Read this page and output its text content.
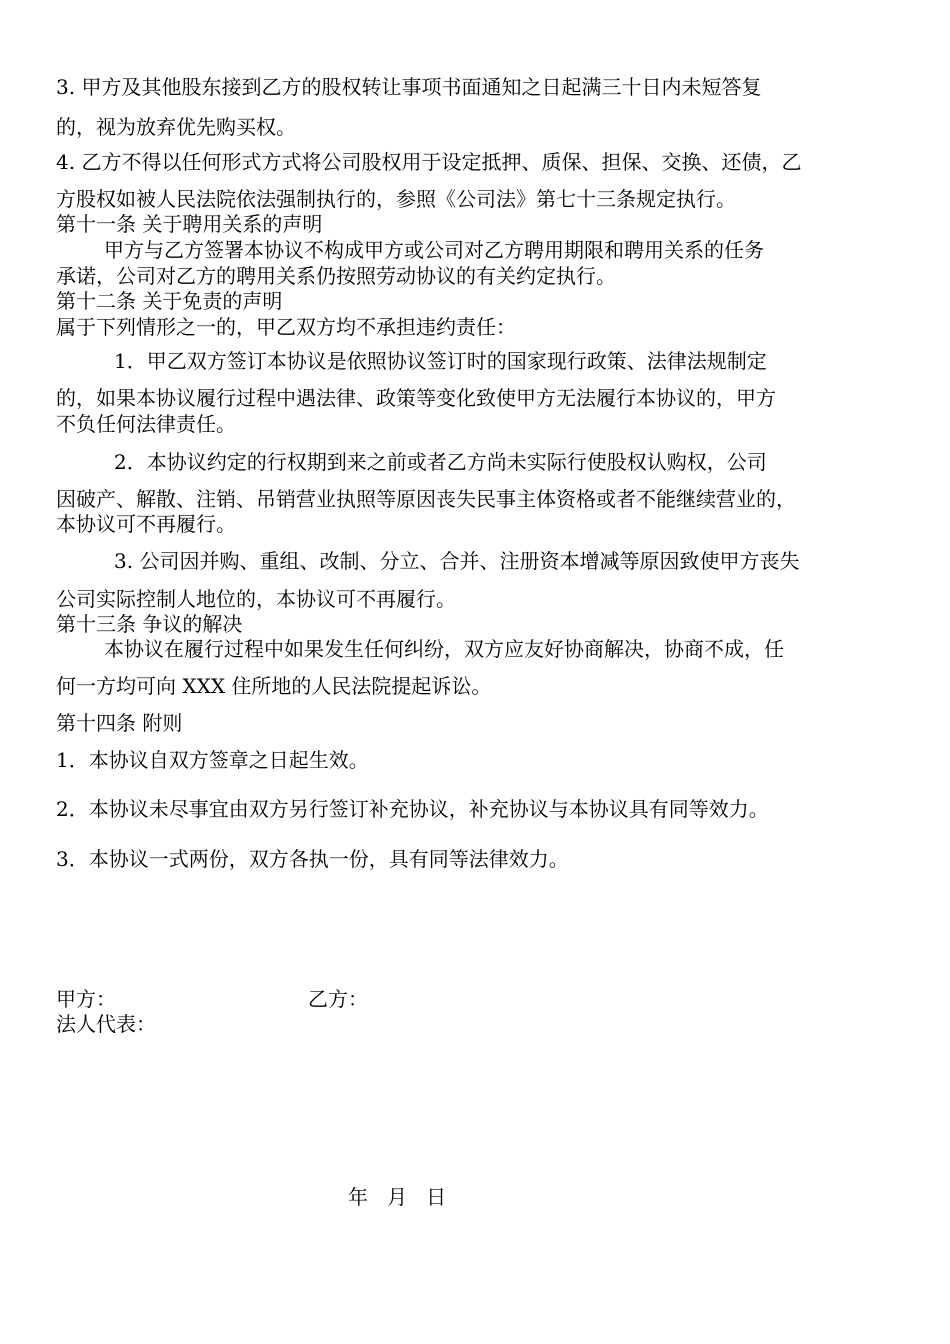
3. 甲方及其他股东接到乙方的股权转让事项书面通知之日起满三十日内未短答复
的，视为放弃优先购买权。
4. 乙方不得以任何形式方式将公司股权用于设定抵押、质保、担保、交换、还债，乙
方股权如被人民法院依法强制执行的，参照《公司法》第七十三条规定执行。
第十一条 关于聘用关系的声明
甲方与乙方签署本协议不构成甲方或公司对乙方聘用期限和聘用关系的任务
承诺，公司对乙方的聘用关系仍按照劳动协议的有关约定执行。
第十二条 关于免责的声明
属于下列情形之一的，甲乙双方均不承担违约责任：
1．甲乙双方签订本协议是依照协议签订时的国家现行政策、法律法规制定
的，如果本协议履行过程中遇法律、政策等变化致使甲方无法履行本协议的，甲方
不负任何法律责任。
2．本协议约定的行权期到来之前或者乙方尚未实际行使股权认购权，公司
因破产、解散、注销、吊销营业执照等原因丧失民事主体资格或者不能继续营业的，
本协议可不再履行。
3. 公司因并购、重组、改制、分立、合并、注册资本增减等原因致使甲方丧失
公司实际控制人地位的，本协议可不再履行。
第十三条 争议的解决
本协议在履行过程中如果发生任何纠纷，双方应友好协商解决，协商不成，任
何一方均可向 XXX 住所地的人民法院提起诉讼。
第十四条 附则
1．本协议自双方签章之日起生效。
2．本协议未尽事宜由双方另行签订补充协议，补充协议与本协议具有同等效力。
3．本协议一式两份，双方各执一份，具有同等法律效力。
甲方：	乙方：
法人代表：
年   月   日
